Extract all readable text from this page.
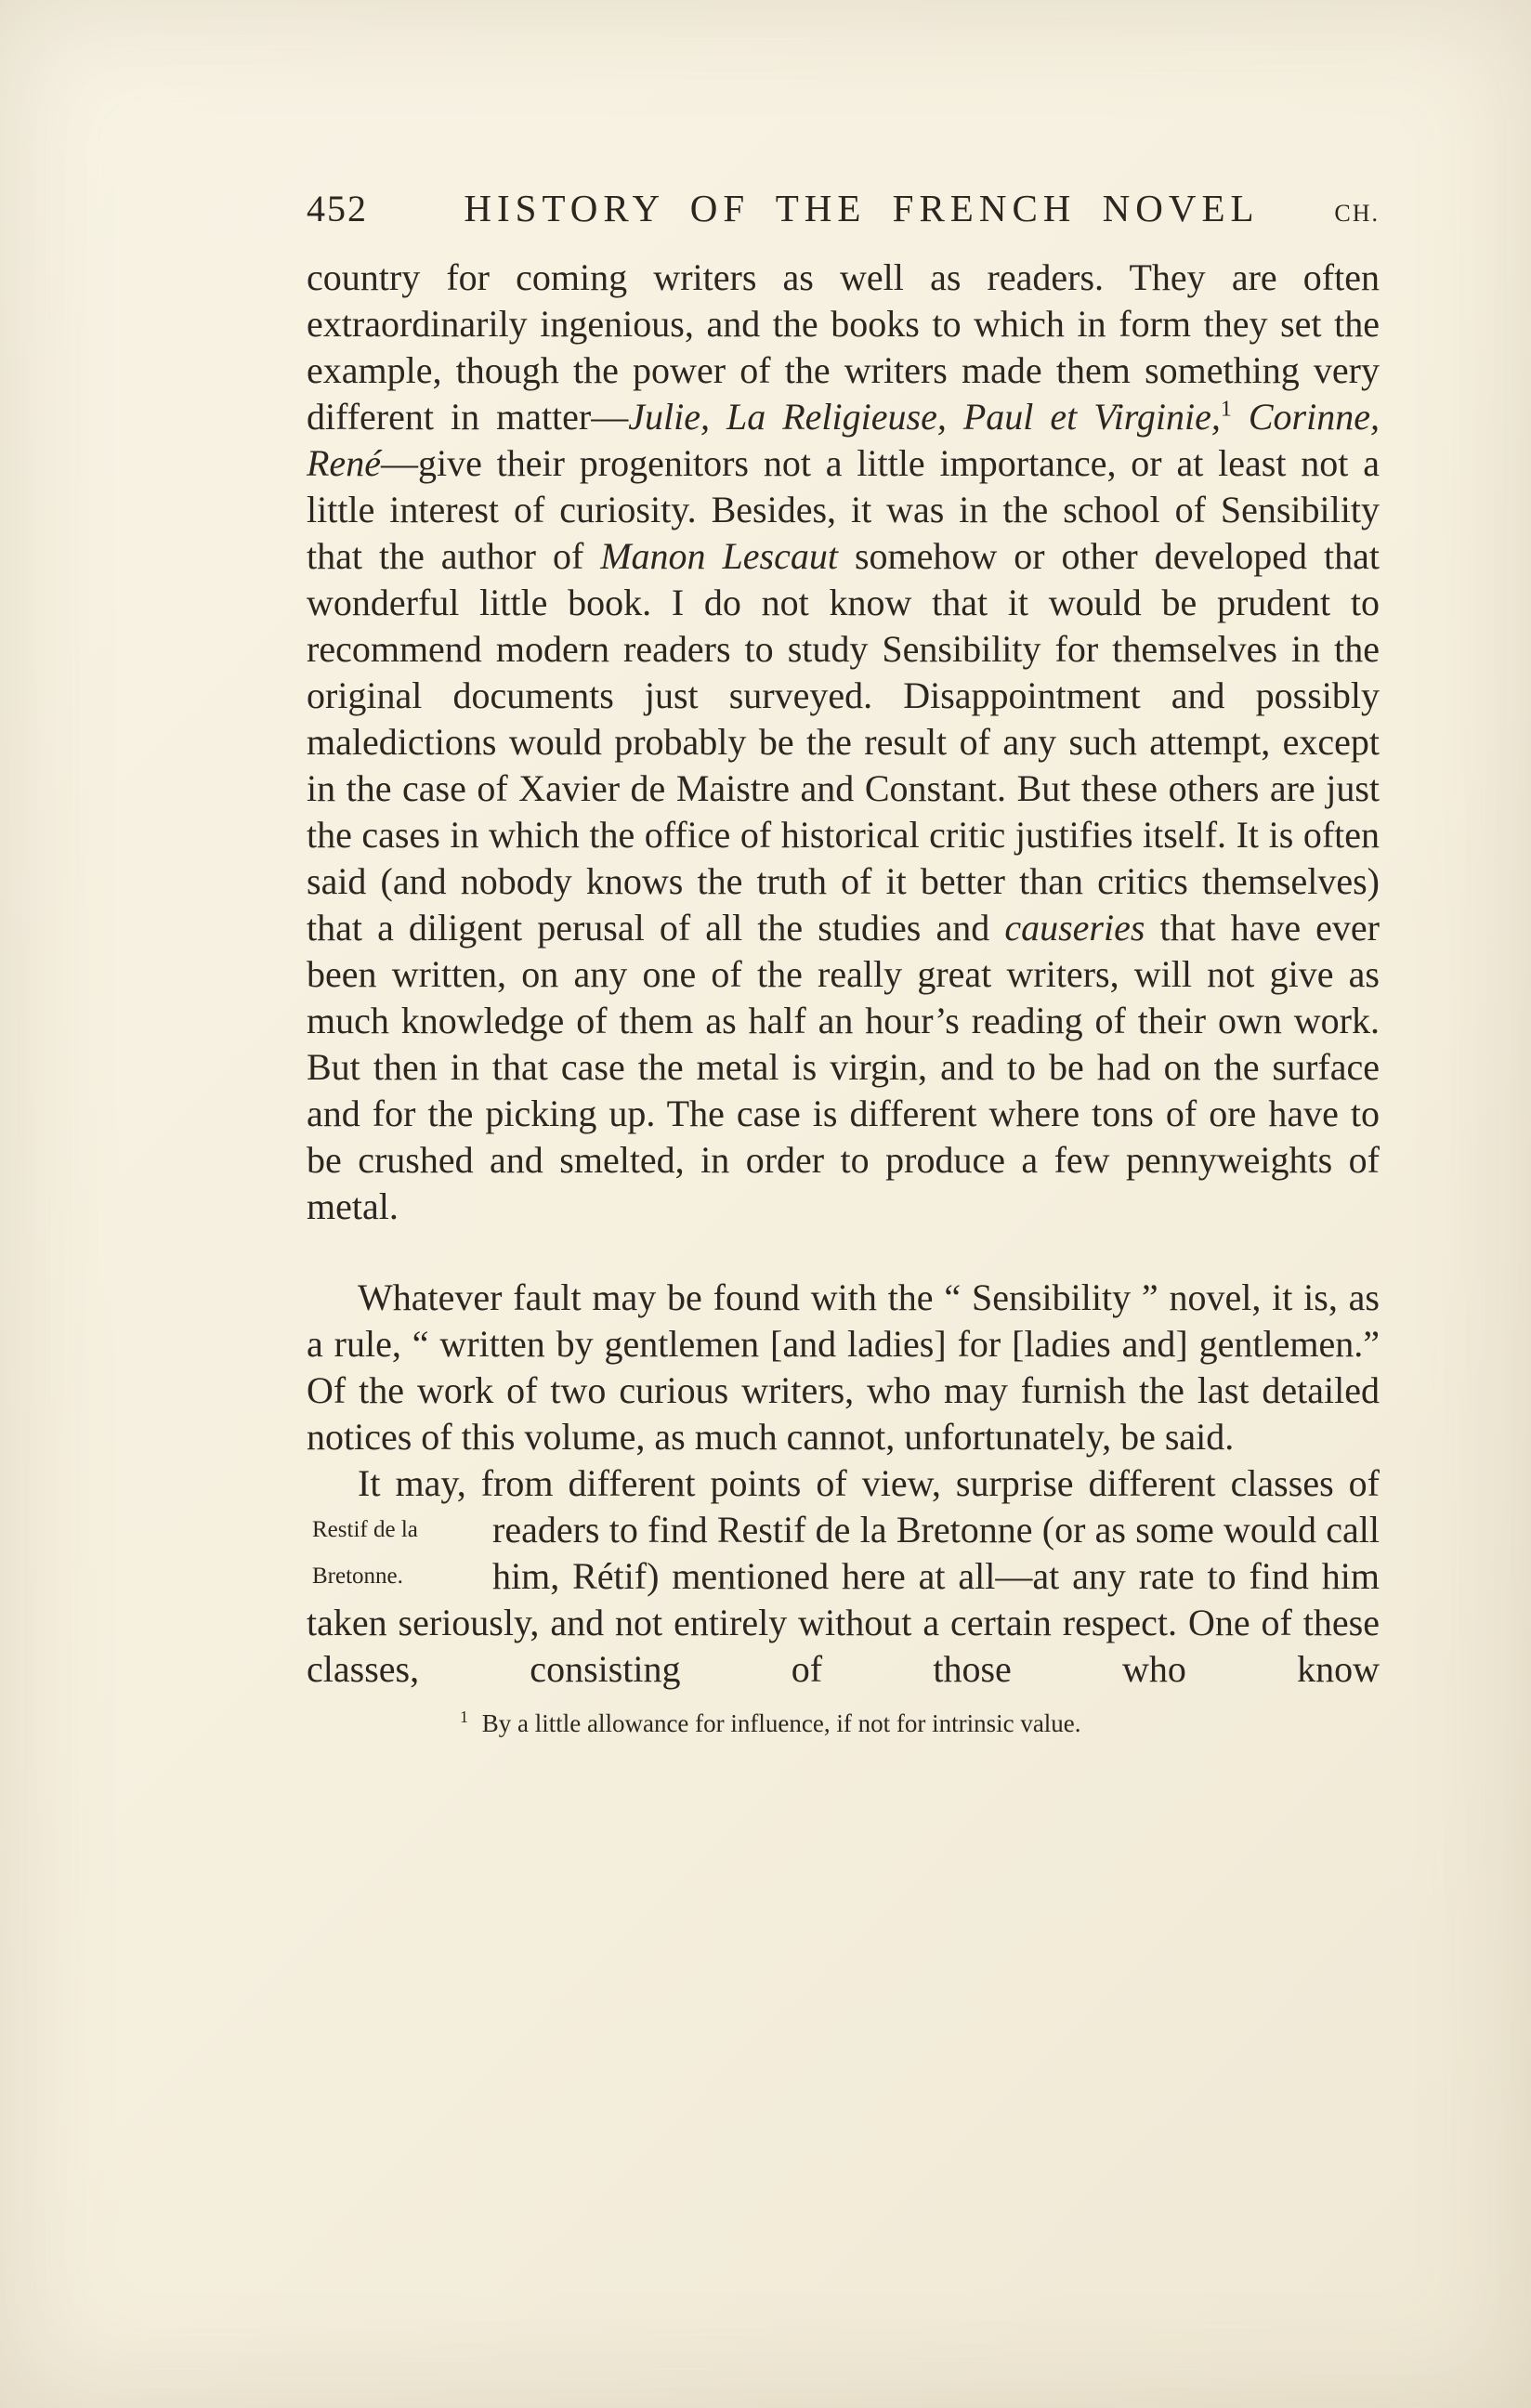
452	HISTORY OF THE FRENCH NOVEL	CH.

country for coming writers as well as readers. They are often extraordinarily ingenious, and the books to which in form they set the example, though the power of the writers made them something very different in matter—Julie, La Religieuse, Paul et Virginie,$^1$ Corinne, René—give their progenitors not a little importance, or at least not a little interest of curiosity. Besides, it was in the school of Sensibility that the author of Manon Lescaut somehow or other developed that wonderful little book. I do not know that it would be prudent to recommend modern readers to study Sensibility for themselves in the original documents just surveyed. Disappointment and possibly maledictions would probably be the result of any such attempt, except in the case of Xavier de Maistre and Constant. But these others are just the cases in which the office of historical critic justifies itself. It is often said (and nobody knows the truth of it better than critics themselves) that a diligent perusal of all the studies and causeries that have ever been written, on any one of the really great writers, will not give as much knowledge of them as half an hour’s reading of their own work. But then in that case the metal is virgin, and to be had on the surface and for the picking up. The case is different where tons of ore have to be crushed and smelted, in order to produce a few pennyweights of metal.

Whatever fault may be found with the “ Sensibility ” novel, it is, as a rule, “ written by gentlemen [and ladies] for [ladies and] gentlemen.” Of the work of two curious writers, who may furnish the last detailed notices of this volume, as much cannot, unfortunately, be said.

It may, from different points of view, surprise different classes of readers to find Restif de la Bretonne (or
Restif de la Bretonne.
as some would call him, Rétif) mentioned here at all—at any rate to find him taken seriously, and not entirely without a certain respect. One of these classes, consisting of those who know

$^1$ By a little allowance for influence, if not for intrinsic value.
